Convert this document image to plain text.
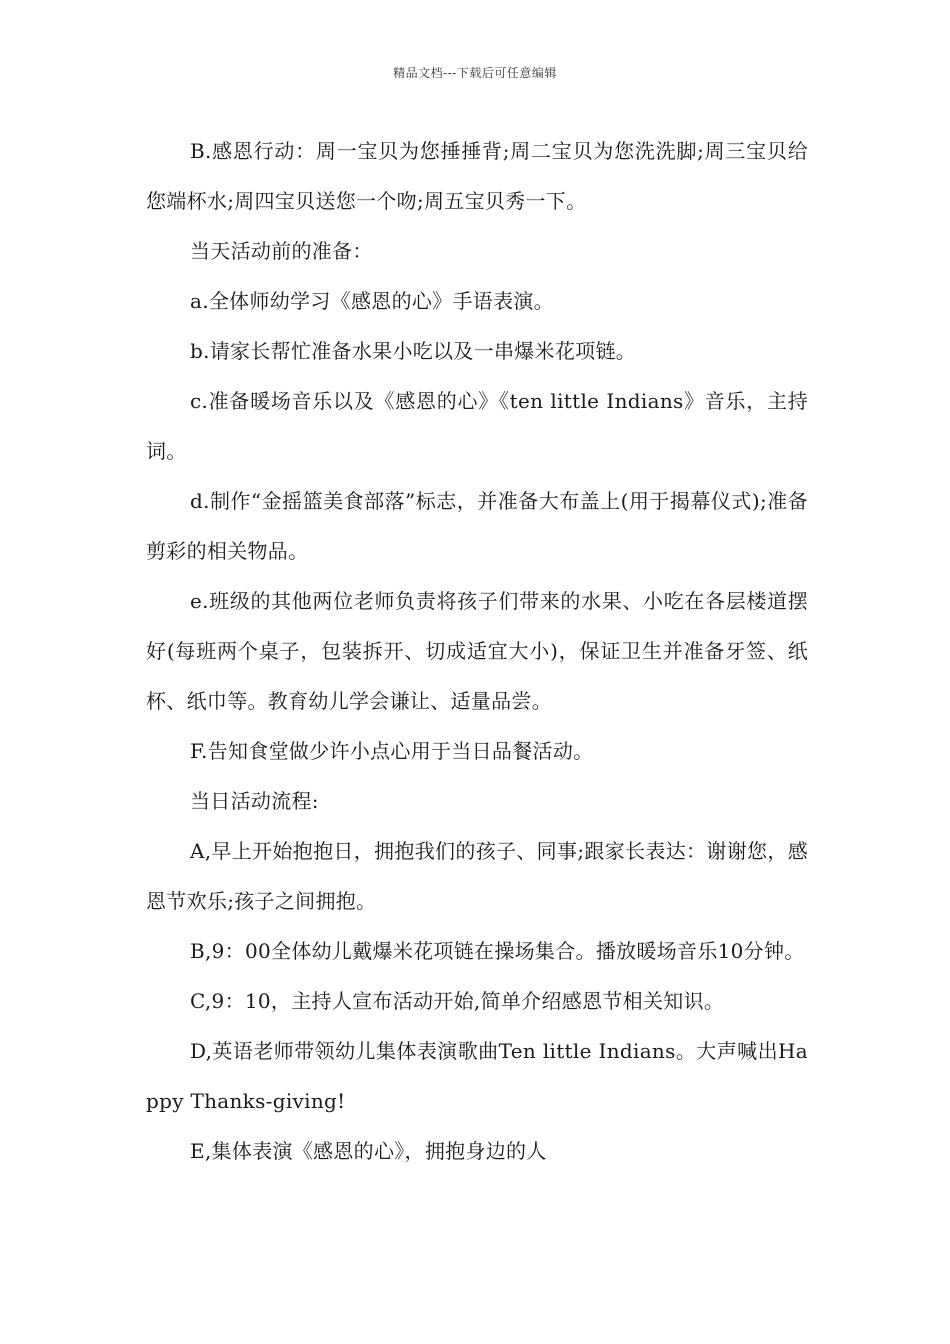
精品文档---下载后可任意编辑

B.感恩行动：周一宝贝为您捶捶背;周二宝贝为您洗洗脚;周三宝贝给您端杯水;周四宝贝送您一个吻;周五宝贝秀一下。

当天活动前的准备：

a.全体师幼学习《感恩的心》手语表演。

b.请家长帮忙准备水果小吃以及一串爆米花项链。

c.准备暖场音乐以及《感恩的心》《ten little Indians》音乐，主持词。

d.制作“金摇篮美食部落”标志，并准备大布盖上(用于揭幕仪式);准备剪彩的相关物品。

e.班级的其他两位老师负责将孩子们带来的水果、小吃在各层楼道摆好(每班两个桌子，包装拆开、切成适宜大小)，保证卫生并准备牙签、纸杯、纸巾等。教育幼儿学会谦让、适量品尝。

F.告知食堂做少许小点心用于当日品餐活动。

当日活动流程:

A,早上开始抱抱日，拥抱我们的孩子、同事;跟家长表达：谢谢您，感恩节欢乐;孩子之间拥抱。

B,9：00全体幼儿戴爆米花项链在操场集合。播放暖场音乐10分钟。

C,9：10，主持人宣布活动开始,简单介绍感恩节相关知识。

D,英语老师带领幼儿集体表演歌曲Ten little Indians。大声喊出Happy Thanks-giving!

E,集体表演《感恩的心》，拥抱身边的人
